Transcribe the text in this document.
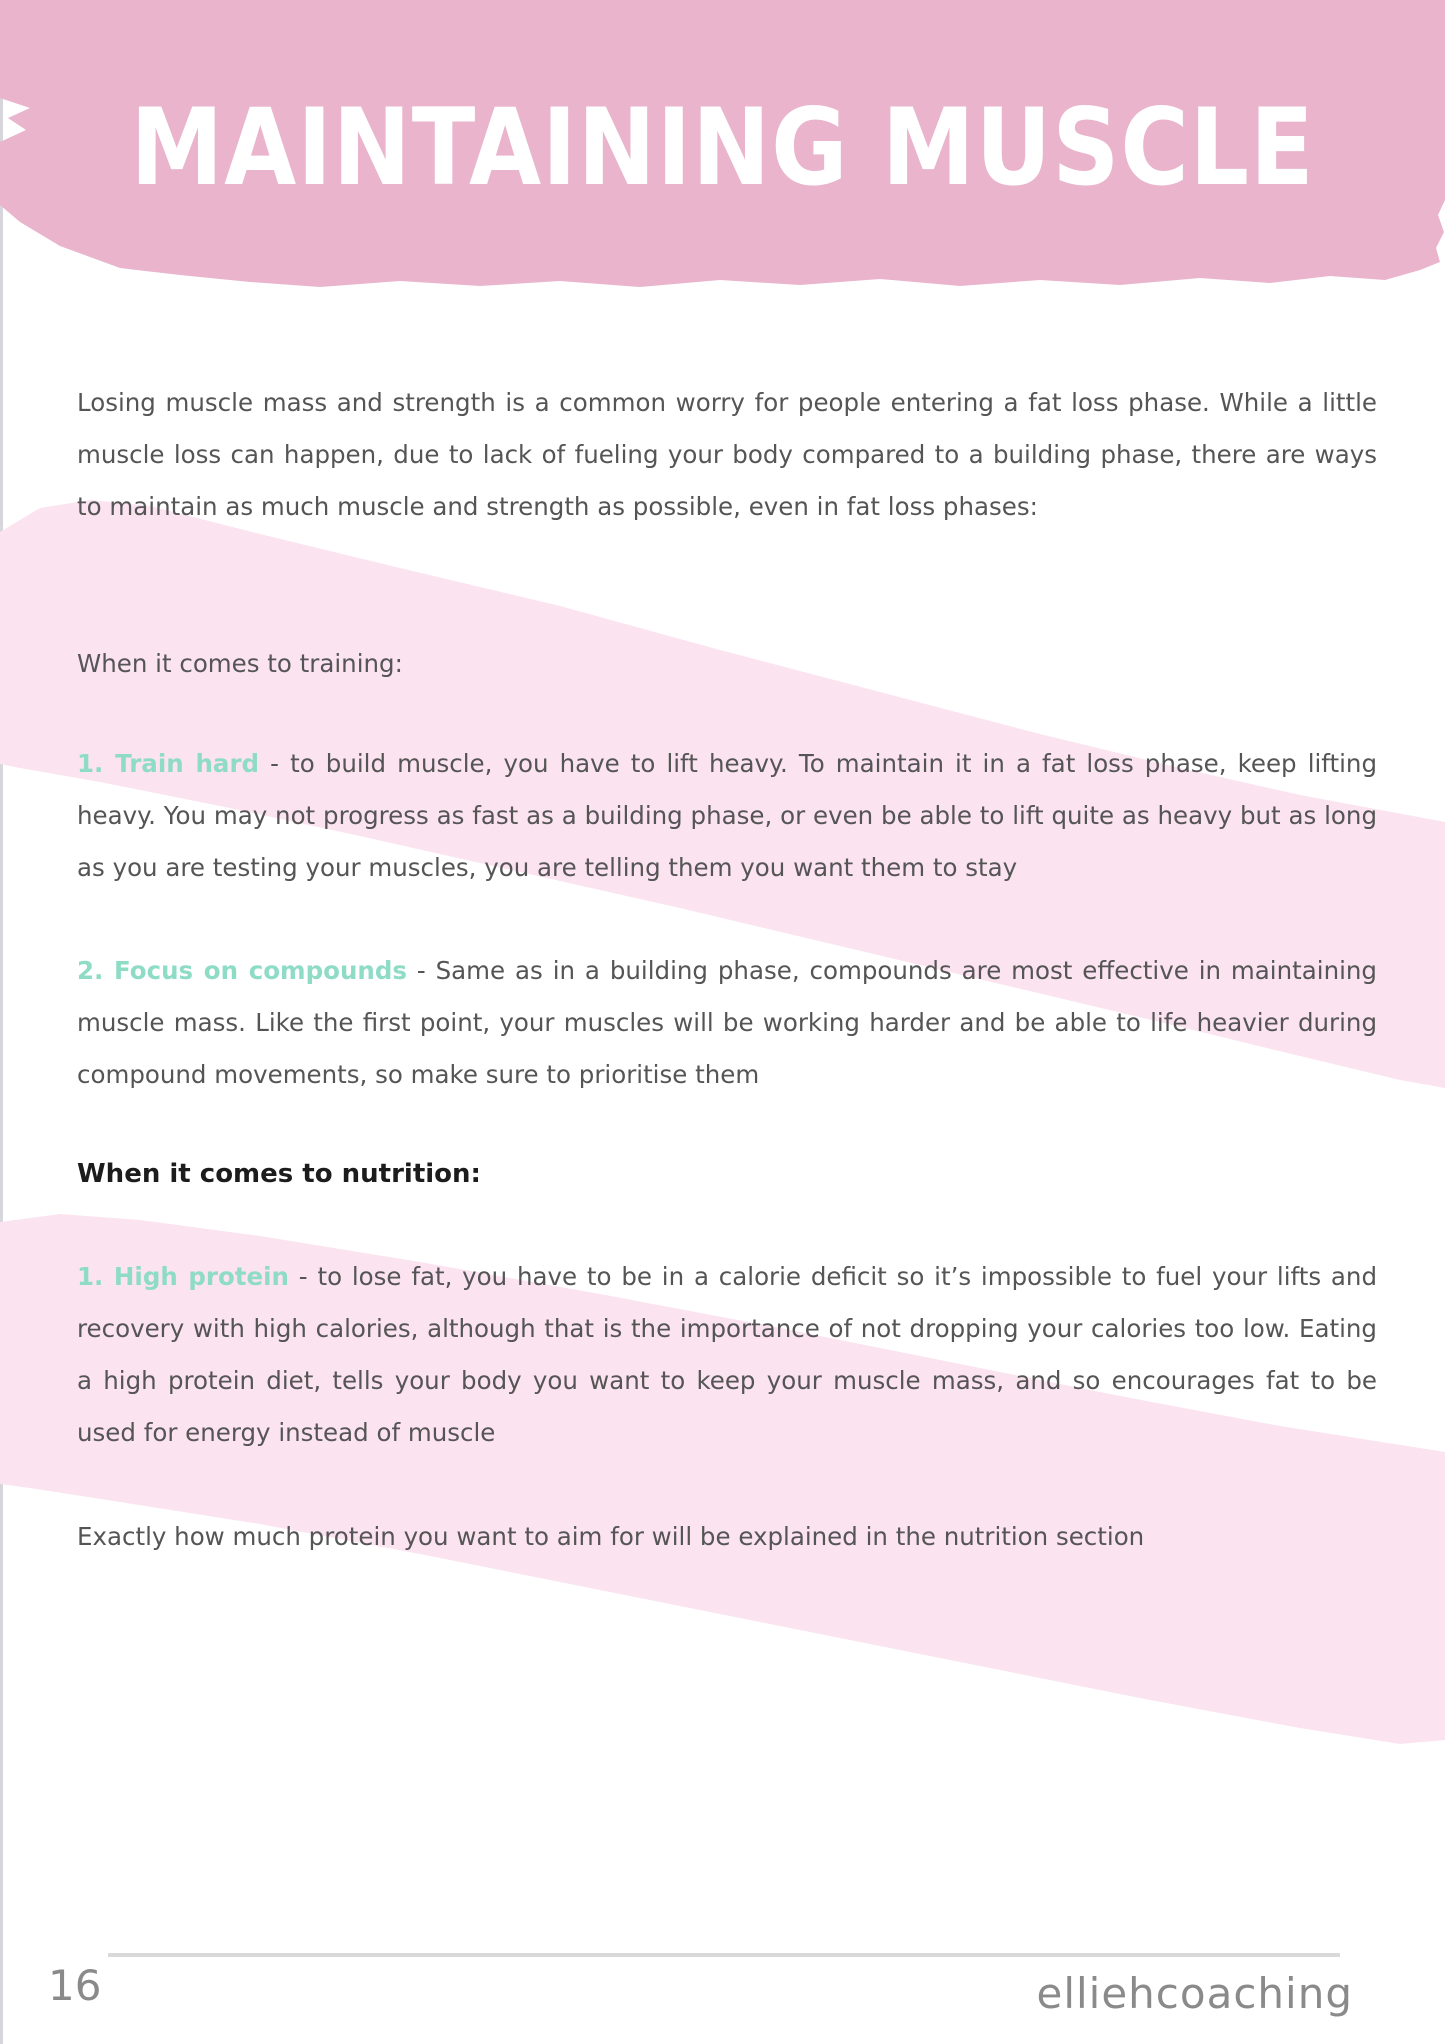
MAINTAINING MUSCLE

Losing muscle mass and strength is a common worry for people entering a fat loss phase. While a little muscle loss can happen, due to lack of fueling your body compared to a building phase, there are ways to maintain as much muscle and strength as possible, even in fat loss phases:

When it comes to training:

1. Train hard - to build muscle, you have to lift heavy. To maintain it in a fat loss phase, keep lifting heavy. You may not progress as fast as a building phase, or even be able to lift quite as heavy but as long as you are testing your muscles, you are telling them you want them to stay

2. Focus on compounds - Same as in a building phase, compounds are most effective in maintaining muscle mass. Like the first point, your muscles will be working harder and be able to life heavier during compound movements, so make sure to prioritise them

When it comes to nutrition:

1. High protein - to lose fat, you have to be in a calorie deficit so it’s impossible to fuel your lifts and recovery with high calories, although that is the importance of not dropping your calories too low. Eating a high protein diet, tells your body you want to keep your muscle mass, and so encourages fat to be used for energy instead of muscle

Exactly how much protein you want to aim for will be explained in the nutrition section

16	elliehcoaching
